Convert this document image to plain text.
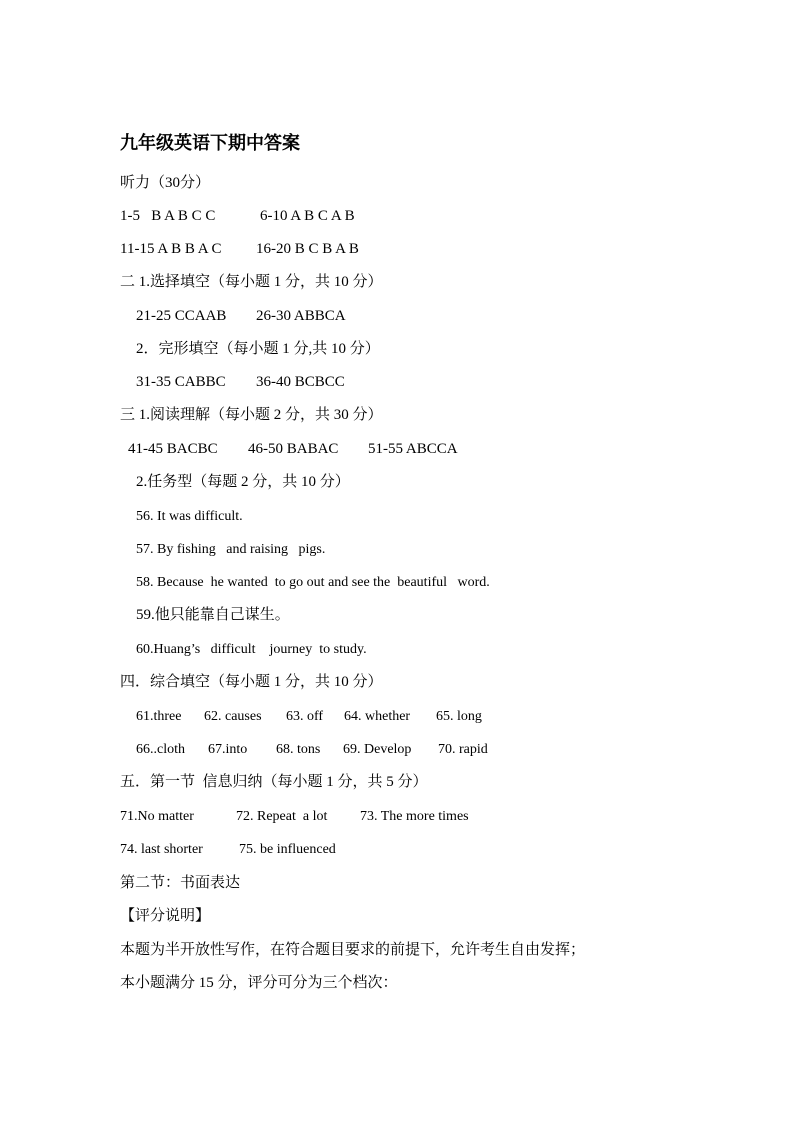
九年级英语下期中答案
听力（30分）

1-5   B A B C C

	6-10 A B C A B

11-15 A B B A C

16-20 B C B A B

二 1.选择填空（每小题 1 分，共 10 分）

21-25 CCAAB

26-30 ABBCA

2．完形填空（每小题 1 分,共 10 分）

31-35 CABBC

36-40 BCBCC

三 1.阅读理解（每小题 2 分，共 30 分）

41-45 BACBC

46-50 BABAC

51-55 ABCCA

2.任务型（每题 2 分，共 10 分）
56. It was difficult.
57. By fishing   and raising   pigs.
58. Because  he wanted  to go out and see the  beautiful   word.
59.他只能靠自己谋生。
60.Huang’s   difficult    journey  to study.
四．综合填空（每小题 1 分，共 10 分）

61.three

62. causes

63. off

64. whether

65. long

66..cloth

67.into

68. tons

69. Develop

70. rapid

五．第一节  信息归纳（每小题 1 分，共 5 分）

71.No matter

	72. Repeat  a lot

73. The more times

74. last shorter

	75. be influenced

第二节：书面表达
【评分说明】
本题为半开放性写作，在符合题目要求的前提下，允许考生自由发挥；
本小题满分 15 分，评分可分为三个档次：
